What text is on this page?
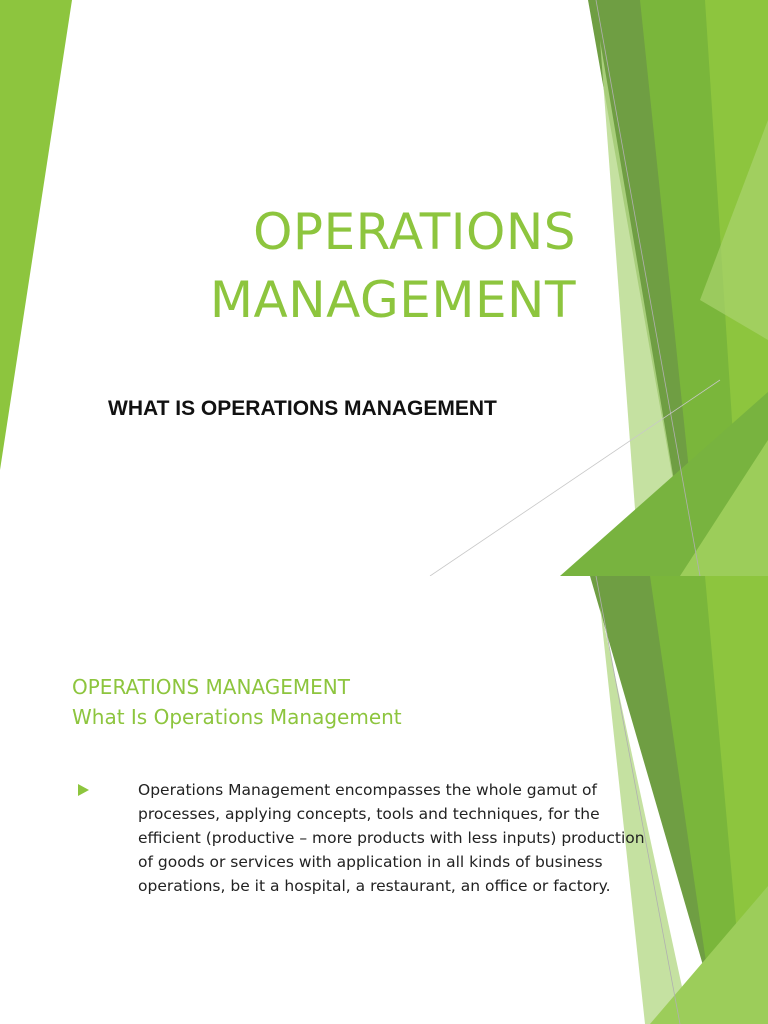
OPERATIONS
MANAGEMENT
WHAT IS OPERATIONS MANAGEMENT
OPERATIONS MANAGEMENT
What Is Operations Management
Operations Management encompasses the whole gamut of
processes, applying concepts, tools and techniques, for the
efficient (productive – more products with less inputs) production
of goods or services with application in all kinds of business
operations, be it a hospital, a restaurant, an office or factory.
